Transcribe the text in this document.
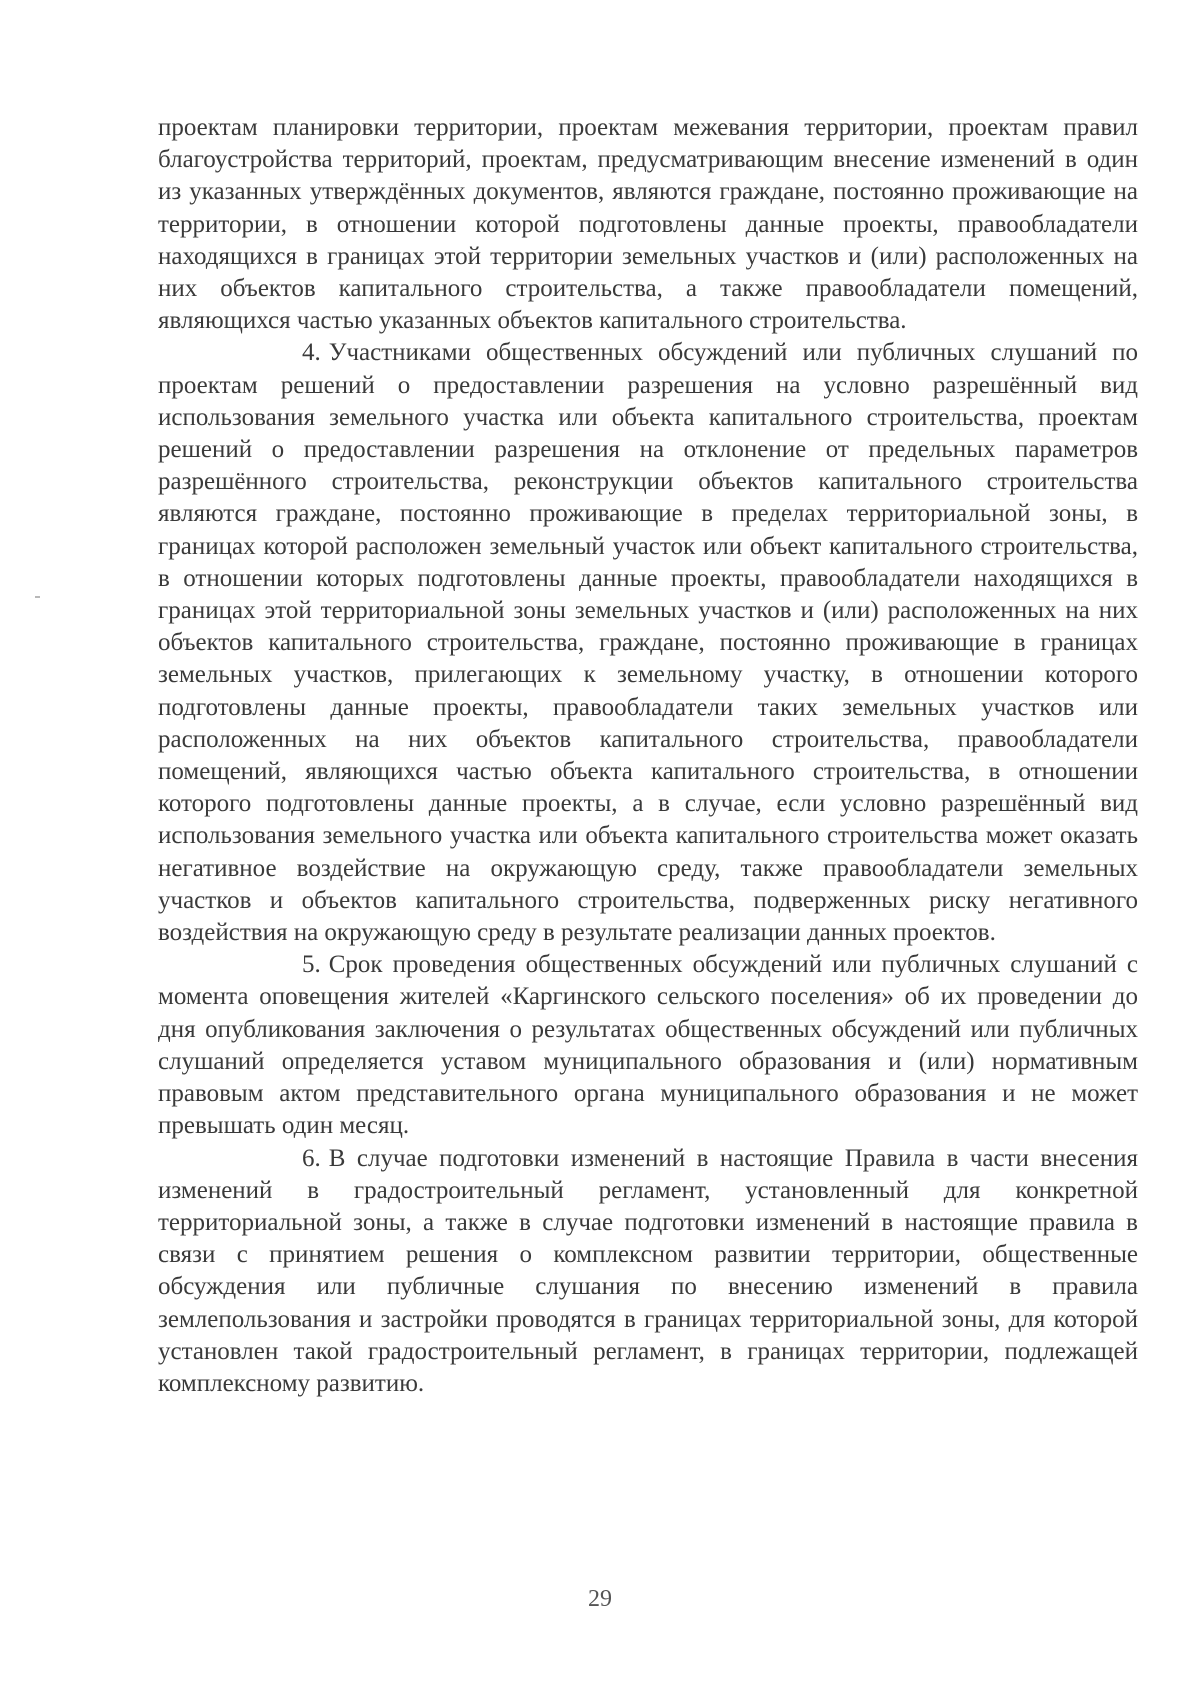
проектам планировки территории, проектам межевания территории, проектам правил благоустройства территорий, проектам, предусматривающим внесение изменений в один из указанных утверждённых документов, являются граждане, постоянно проживающие на территории, в отношении которой подготовлены данные проекты, правообладатели находящихся в границах этой территории земельных участков и (или) расположенных на них объектов капитального строительства, а также правообладатели помещений, являющихся частью указанных объектов капитального строительства.

4. Участниками общественных обсуждений или публичных слушаний по проектам решений о предоставлении разрешения на условно разрешённый вид использования земельного участка или объекта капитального строительства, проектам решений о предоставлении разрешения на отклонение от предельных параметров разрешённого строительства, реконструкции объектов капитального строительства являются граждане, постоянно проживающие в пределах территориальной зоны, в границах которой расположен земельный участок или объект капитального строительства, в отношении которых подготовлены данные проекты, правообладатели находящихся в границах этой территориальной зоны земельных участков и (или) расположенных на них объектов капитального строительства, граждане, постоянно проживающие в границах земельных участков, прилегающих к земельному участку, в отношении которого подготовлены данные проекты, правообладатели таких земельных участков или расположенных на них объектов капитального строительства, правообладатели помещений, являющихся частью объекта капитального строительства, в отношении которого подготовлены данные проекты, а в случае, если условно разрешённый вид использования земельного участка или объекта капитального строительства может оказать негативное воздействие на окружающую среду, также правообладатели земельных участков и объектов капитального строительства, подверженных риску негативного воздействия на окружающую среду в результате реализации данных проектов.

5. Срок проведения общественных обсуждений или публичных слушаний с момента оповещения жителей «Каргинского сельского поселения» об их проведении до дня опубликования заключения о результатах общественных обсуждений или публичных слушаний определяется уставом муниципального образования и (или) нормативным правовым актом представительного органа муниципального образования и не может превышать один месяц.

6. В случае подготовки изменений в настоящие Правила в части внесения изменений в градостроительный регламент, установленный для конкретной территориальной зоны, а также в случае подготовки изменений в настоящие правила в связи с принятием решения о комплексном развитии территории, общественные обсуждения или публичные слушания по внесению изменений в правила землепользования и застройки проводятся в границах территориальной зоны, для которой установлен такой градостроительный регламент, в границах территории, подлежащей комплексному развитию.

29
